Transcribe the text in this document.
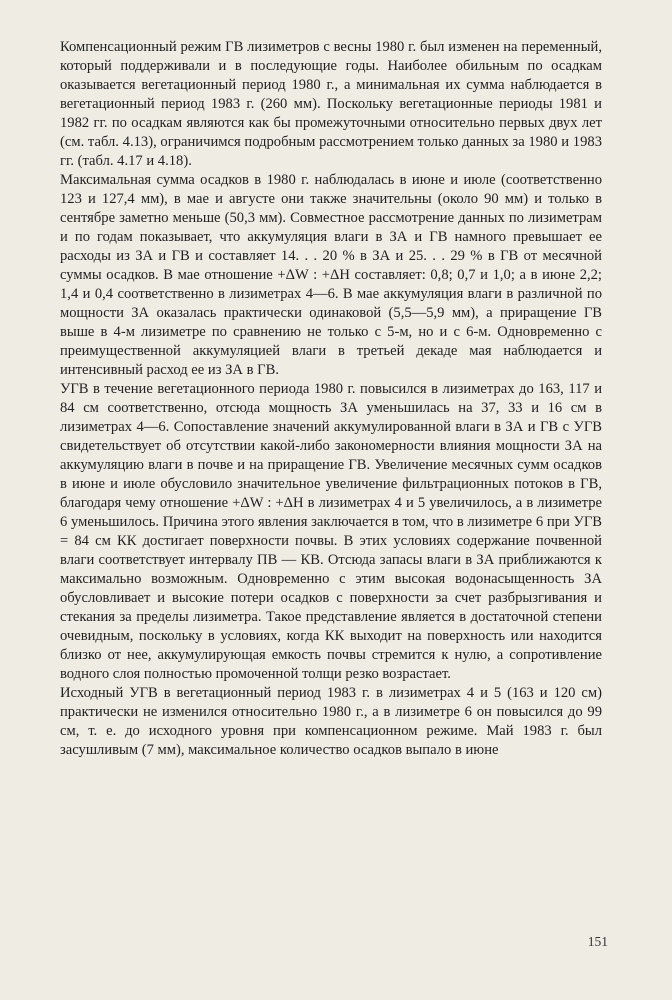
Компенсационный режим ГВ лизиметров с весны 1980 г. был изменен на переменный, который поддерживали и в последующие годы. Наиболее обильным по осадкам оказывается вегетационный период 1980 г., а минимальная их сумма наблюдается в вегетационный период 1983 г. (260 мм). Поскольку вегетационные периоды 1981 и 1982 гг. по осадкам являются как бы промежуточными относительно первых двух лет (см. табл. 4.13), ограничимся подробным рассмотрением только данных за 1980 и 1983 гг. (табл. 4.17 и 4.18).

Максимальная сумма осадков в 1980 г. наблюдалась в июне и июле (соответственно 123 и 127,4 мм), в мае и августе они также значительны (около 90 мм) и только в сентябре заметно меньше (50,3 мм). Совместное рассмотрение данных по лизиметрам и по годам показывает, что аккумуляция влаги в ЗА и ГВ намного превышает ее расходы из ЗА и ГВ и составляет 14. . . 20 % в ЗА и 25. . . 29 % в ГВ от месячной суммы осадков. В мае отношение +ΔW : +ΔH составляет: 0,8; 0,7 и 1,0; а в июне 2,2; 1,4 и 0,4 соответственно в лизиметрах 4—6. В мае аккумуляция влаги в различной по мощности ЗА оказалась практически одинаковой (5,5—5,9 мм), а приращение ГВ выше в 4-м лизиметре по сравнению не только с 5-м, но и с 6-м. Одновременно с преимущественной аккумуляцией влаги в третьей декаде мая наблюдается и интенсивный расход ее из ЗА в ГВ.

УГВ в течение вегетационного периода 1980 г. повысился в лизиметрах до 163, 117 и 84 см соответственно, отсюда мощность ЗА уменьшилась на 37, 33 и 16 см в лизиметрах 4—6. Сопоставление значений аккумулированной влаги в ЗА и ГВ с УГВ свидетельствует об отсутствии какой-либо закономерности влияния мощности ЗА на аккумуляцию влаги в почве и на приращение ГВ. Увеличение месячных сумм осадков в июне и июле обусловило значительное увеличение фильтрационных потоков в ГВ, благодаря чему отношение +ΔW : +ΔH в лизиметрах 4 и 5 увеличилось, а в лизиметре 6 уменьшилось. Причина этого явления заключается в том, что в лизиметре 6 при УГВ = 84 см КК достигает поверхности почвы. В этих условиях содержание почвенной влаги соответствует интервалу ПВ — КВ. Отсюда запасы влаги в ЗА приближаются к максимально возможным. Одновременно с этим высокая водонасыщенность ЗА обусловливает и высокие потери осадков с поверхности за счет разбрызгивания и стекания за пределы лизиметра. Такое представление является в достаточной степени очевидным, поскольку в условиях, когда КК выходит на поверхность или находится близко от нее, аккумулирующая емкость почвы стремится к нулю, а сопротивление водного слоя полностью промоченной толщи резко возрастает.

Исходный УГВ в вегетационный период 1983 г. в лизиметрах 4 и 5 (163 и 120 см) практически не изменился относительно 1980 г., а в лизиметре 6 он повысился до 99 см, т. е. до исходного уровня при компенсационном режиме. Май 1983 г. был засушливым (7 мм), максимальное количество осадков выпало в июне

151
